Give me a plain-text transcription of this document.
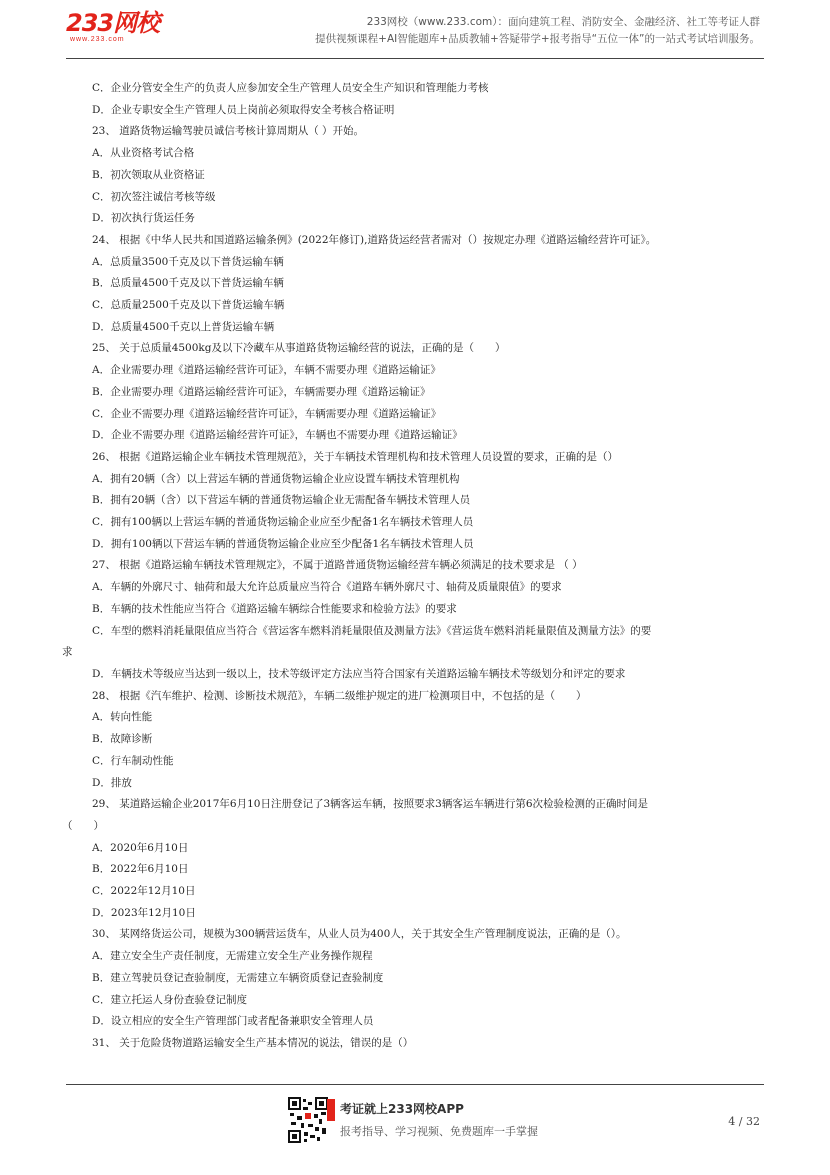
233网校
www.233.com
233网校（www.233.com）：面向建筑工程、消防安全、金融经济、社工等考证人群
提供视频课程+AI智能题库+品质教辅+答疑带学+报考指导“五位一体”的一站式考试培训服务。
C．企业分管安全生产的负责人应参加安全生产管理人员安全生产知识和管理能力考核
D．企业专职安全生产管理人员上岗前必须取得安全考核合格证明
23、 道路货物运输驾驶员诚信考核计算周期从（ ）开始。
A．从业资格考试合格
B．初次领取从业资格证
C．初次签注诚信考核等级
D．初次执行货运任务
24、 根据《中华人民共和国道路运输条例》(2022年修订),道路货运经营者需对（）按规定办理《道路运输经营许可证》。
A．总质量3500千克及以下普货运输车辆
B．总质量4500千克及以下普货运输车辆
C．总质量2500千克及以下普货运输车辆
D．总质量4500千克以上普货运输车辆
25、 关于总质量4500kg及以下冷藏车从事道路货物运输经营的说法，正确的是（　　）
A．企业需要办理《道路运输经营许可证》，车辆不需要办理《道路运输证》
B．企业需要办理《道路运输经营许可证》，车辆需要办理《道路运输证》
C．企业不需要办理《道路运输经营许可证》，车辆需要办理《道路运输证》
D．企业不需要办理《道路运输经营许可证》，车辆也不需要办理《道路运输证》
26、 根据《道路运输企业车辆技术管理规范》，关于车辆技术管理机构和技术管理人员设置的要求，正确的是（）
A．拥有20辆（含）以上营运车辆的普通货物运输企业应设置车辆技术管理机构
B．拥有20辆（含）以下营运车辆的普通货物运输企业无需配备车辆技术管理人员
C．拥有100辆以上营运车辆的普通货物运输企业应至少配备1名车辆技术管理人员
D．拥有100辆以下营运车辆的普通货物运输企业应至少配备1名车辆技术管理人员
27、 根据《道路运输车辆技术管理规定》，不属于道路普通货物运输经营车辆必须满足的技术要求是 （ ）
A．车辆的外廓尺寸、轴荷和最大允许总质量应当符合《道路车辆外廓尺寸、轴荷及质量限值》的要求
B．车辆的技术性能应当符合《道路运输车辆综合性能要求和检验方法》的要求
C．车型的燃料消耗量限值应当符合《营运客车燃料消耗量限值及测量方法》《营运货车燃料消耗量限值及测量方法》的要
求
D．车辆技术等级应当达到一级以上，技术等级评定方法应当符合国家有关道路运输车辆技术等级划分和评定的要求
28、 根据《汽车维护、检测、诊断技术规范》，车辆二级维护规定的进厂检测项目中，不包括的是（　　）
A．转向性能
B．故障诊断
C．行车制动性能
D．排放
29、 某道路运输企业2017年6月10日注册登记了3辆客运车辆，按照要求3辆客运车辆进行第6次检验检测的正确时间是
（　　）
A．2020年6月10日
B．2022年6月10日
C．2022年12月10日
D．2023年12月10日
30、 某网络货运公司，规模为300辆营运货车，从业人员为400人，关于其安全生产管理制度说法，正确的是（）。
A．建立安全生产责任制度，无需建立安全生产业务操作规程
B．建立驾驶员登记查验制度，无需建立车辆资质登记查验制度
C．建立托运人身份查验登记制度
D．设立相应的安全生产管理部门或者配备兼职安全管理人员
31、 关于危险货物道路运输安全生产基本情况的说法，错误的是（）
考证就上233网校APP
报考指导、学习视频、免费题库一手掌握
4 / 32
